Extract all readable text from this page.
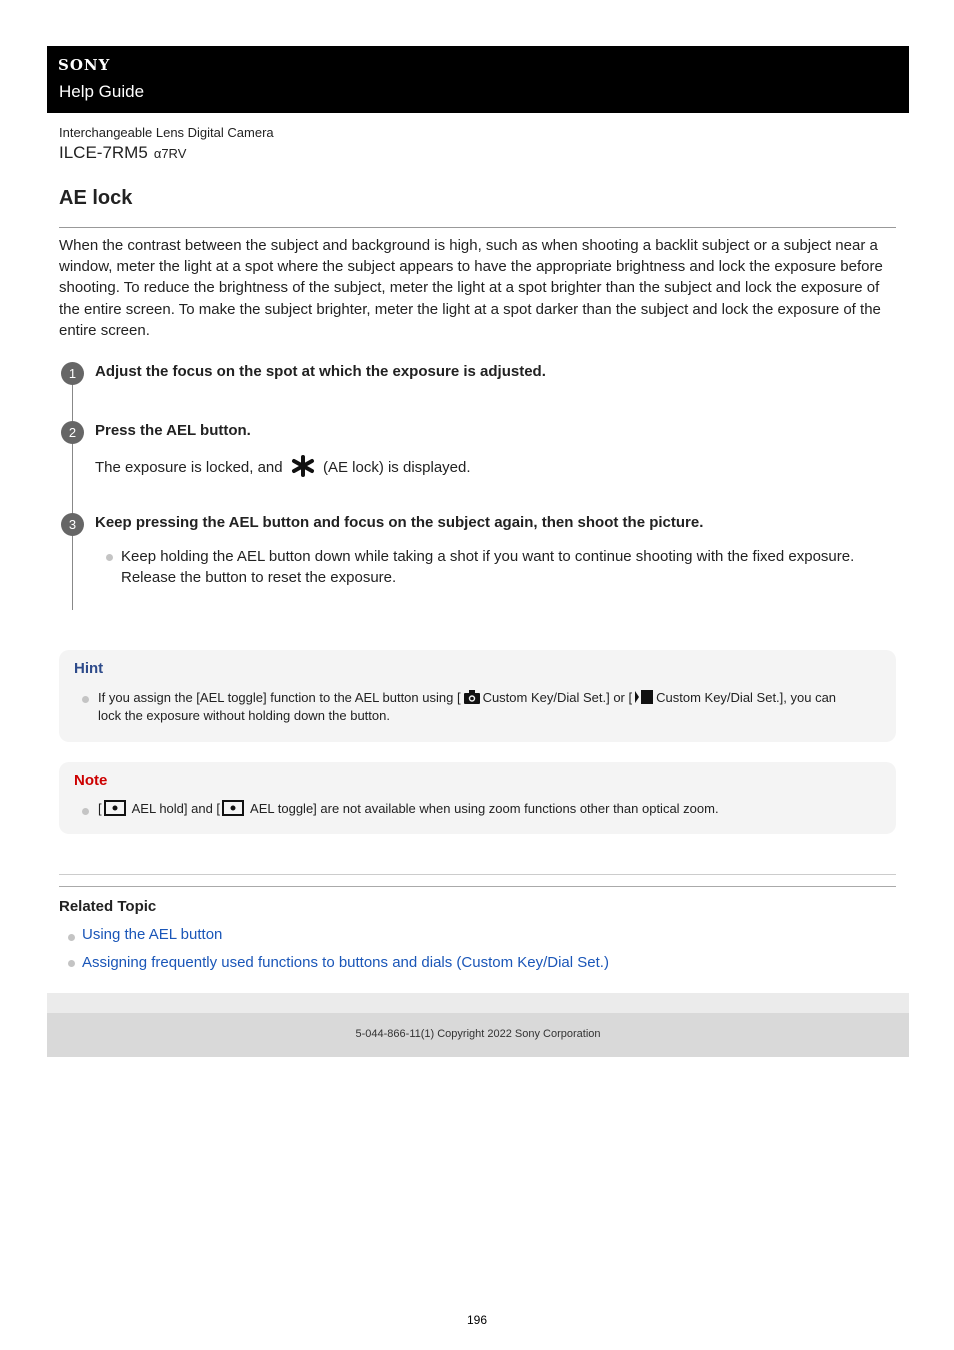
SONY
Help Guide
Interchangeable Lens Digital Camera
ILCE-7RM5 α7RV
AE lock

When the contrast between the subject and background is high, such as when shooting a backlit subject or a subject near a window, meter the light at a spot where the subject appears to have the appropriate brightness and lock the exposure before shooting. To reduce the brightness of the subject, meter the light at a spot brighter than the subject and lock the exposure of the entire screen. To make the subject brighter, meter the light at a spot darker than the subject and lock the exposure of the entire screen.

1	Adjust the focus on the spot at which the exposure is adjusted.
2	Press the AEL button.
The exposure is locked, and	(AE lock) is displayed.
3	Keep pressing the AEL button and focus on the subject again, then shoot the picture.
Keep holding the AEL button down while taking a shot if you want to continue shooting with the fixed exposure.
Release the button to reset the exposure.
Hint
If you assign the [AEL toggle] function to the AEL button using [ Custom Key/Dial Set.] or [ Custom Key/Dial Set.], you can
lock the exposure without holding down the button.
Note
[ AEL hold] and [ AEL toggle] are not available when using zoom functions other than optical zoom.
Related Topic
Using the AEL button
Assigning frequently used functions to buttons and dials (Custom Key/Dial Set.)
5-044-866-11(1) Copyright 2022 Sony Corporation
196
